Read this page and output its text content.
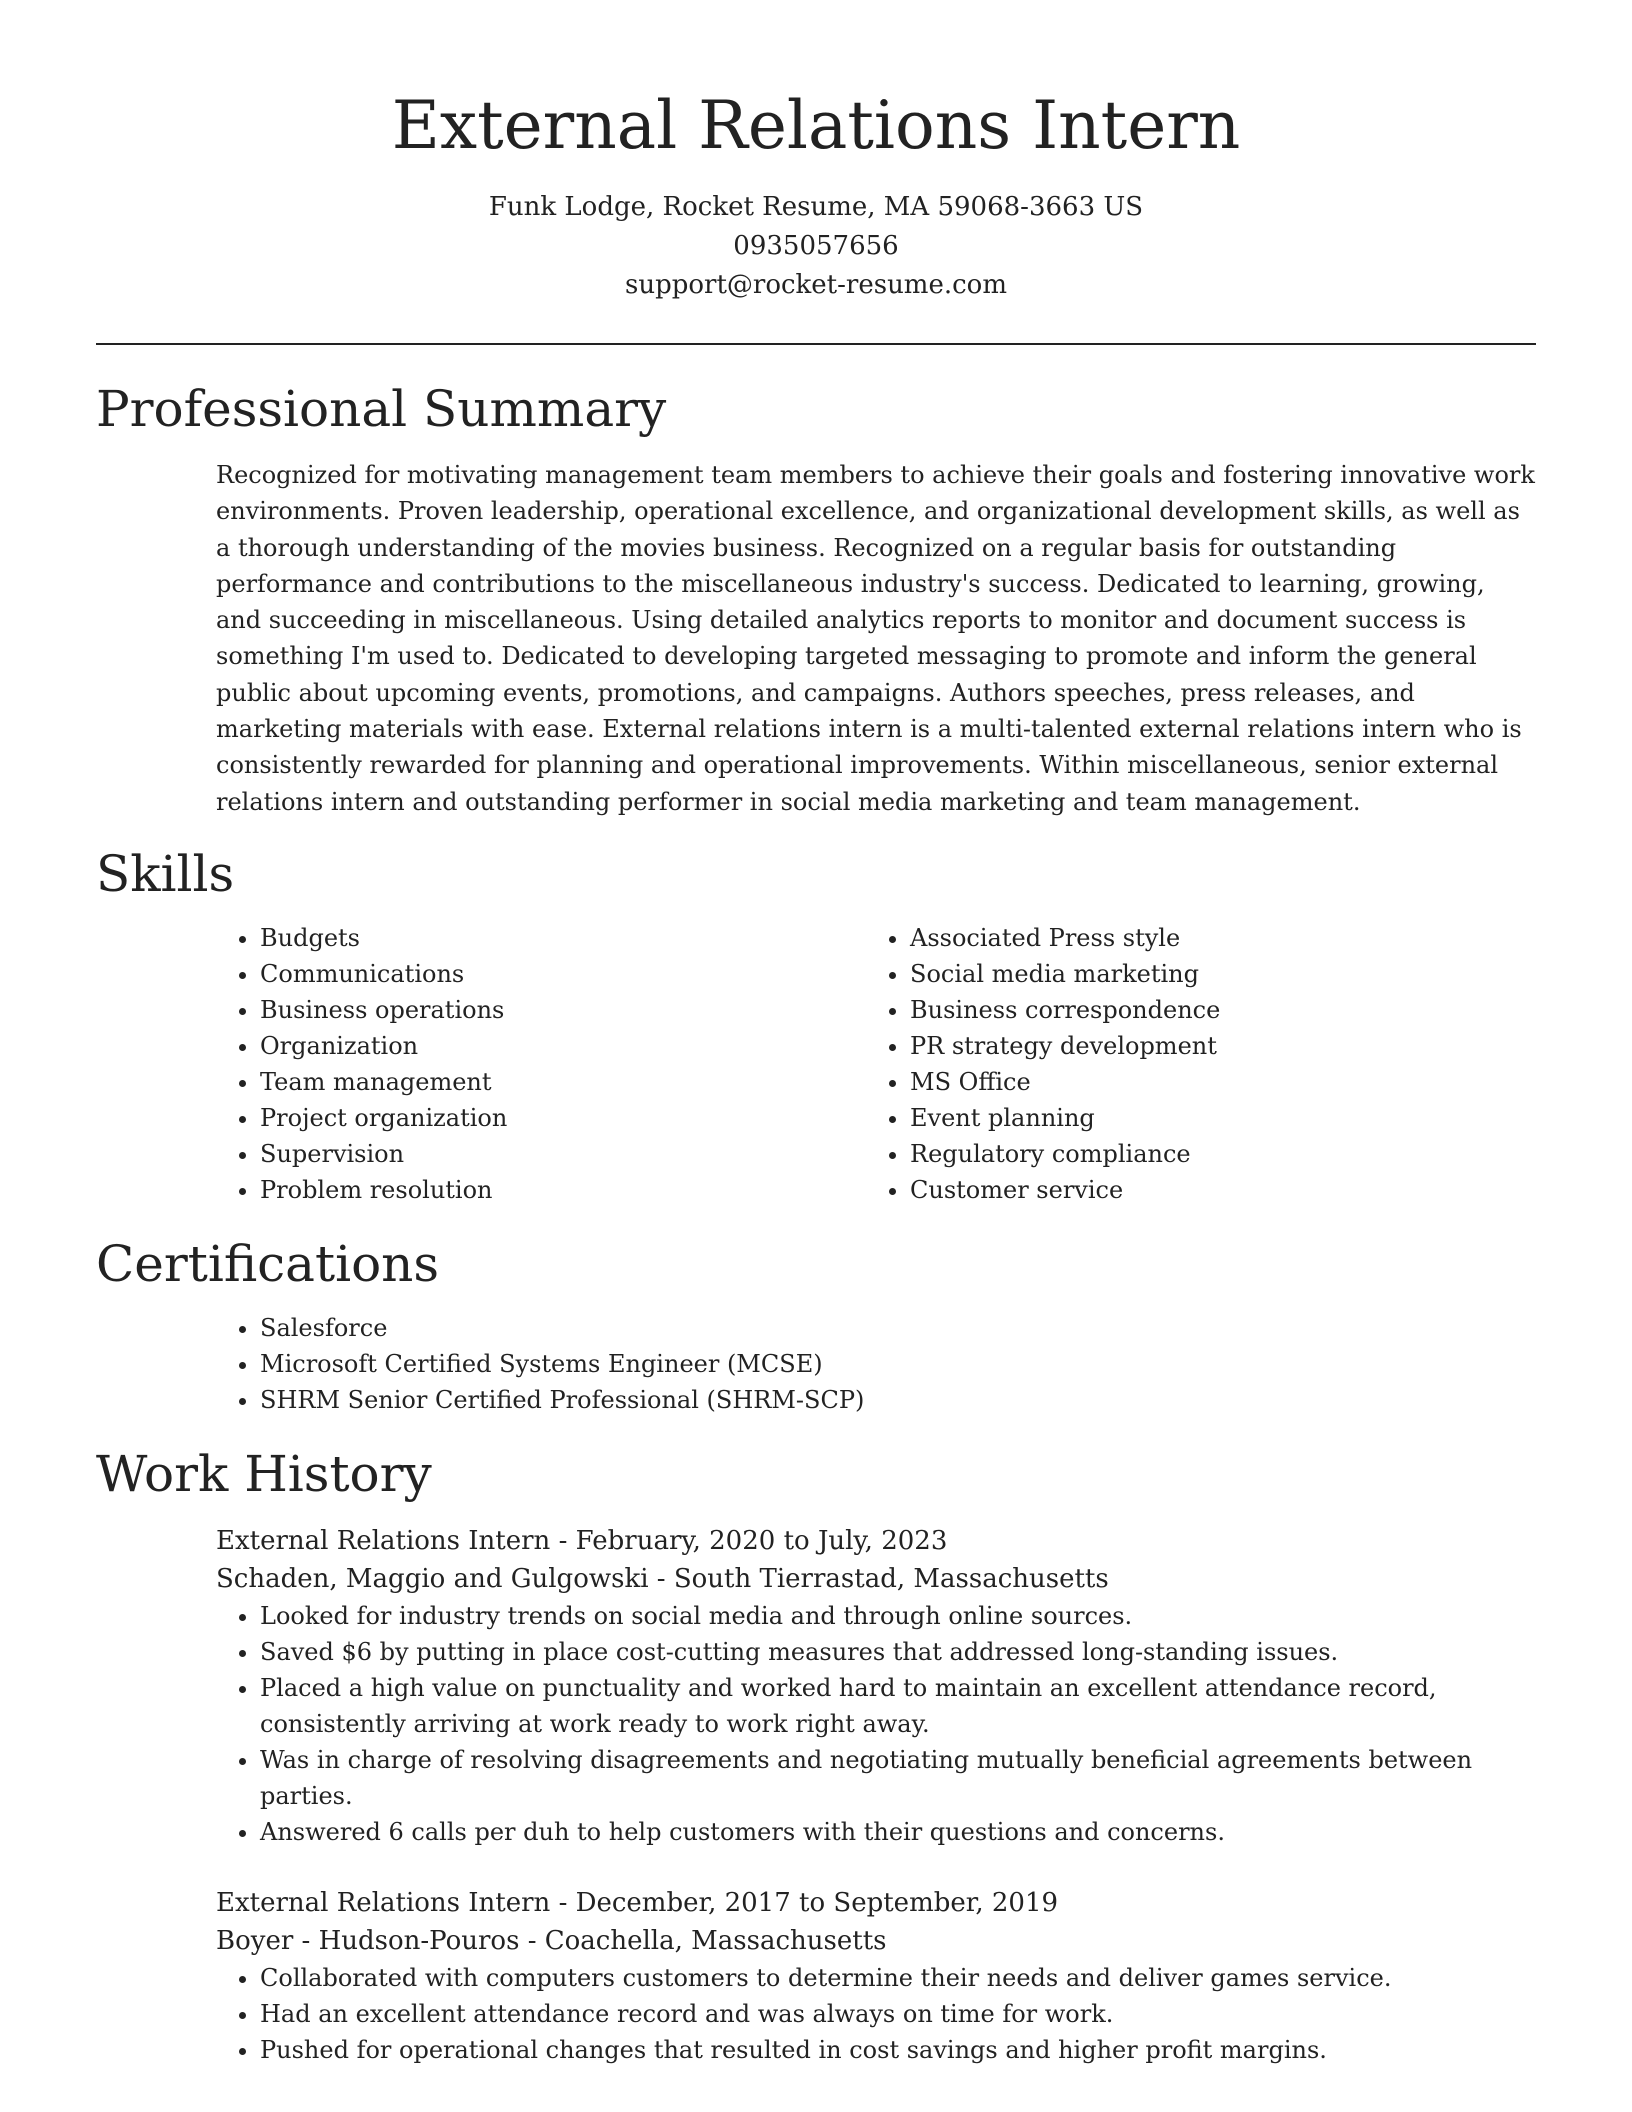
External Relations Intern
Funk Lodge, Rocket Resume, MA 59068-3663 US
0935057656
support@rocket-resume.com
Professional Summary
Recognized for motivating management team members to achieve their goals and fostering innovative work environments. Proven leadership, operational excellence, and organizational development skills, as well as a thorough understanding of the movies business. Recognized on a regular basis for outstanding performance and contributions to the miscellaneous industry's success. Dedicated to learning, growing, and succeeding in miscellaneous. Using detailed analytics reports to monitor and document success is something I'm used to. Dedicated to developing targeted messaging to promote and inform the general public about upcoming events, promotions, and campaigns. Authors speeches, press releases, and marketing materials with ease. External relations intern is a multi-talented external relations intern who is consistently rewarded for planning and operational improvements. Within miscellaneous, senior external relations intern and outstanding performer in social media marketing and team management.
Skills
• Budgets
• Communications
• Business operations
• Organization
• Team management
• Project organization
• Supervision
• Problem resolution
• Associated Press style
• Social media marketing
• Business correspondence
• PR strategy development
• MS Office
• Event planning
• Regulatory compliance
• Customer service
Certifications
• Salesforce
• Microsoft Certified Systems Engineer (MCSE)
• SHRM Senior Certified Professional (SHRM-SCP)
Work History
External Relations Intern - February, 2020 to July, 2023
Schaden, Maggio and Gulgowski - South Tierrastad, Massachusetts
• Looked for industry trends on social media and through online sources.
• Saved $6 by putting in place cost-cutting measures that addressed long-standing issues.
• Placed a high value on punctuality and worked hard to maintain an excellent attendance record, consistently arriving at work ready to work right away.
• Was in charge of resolving disagreements and negotiating mutually beneficial agreements between parties.
• Answered 6 calls per duh to help customers with their questions and concerns.
External Relations Intern - December, 2017 to September, 2019
Boyer - Hudson-Pouros - Coachella, Massachusetts
• Collaborated with computers customers to determine their needs and deliver games service.
• Had an excellent attendance record and was always on time for work.
• Pushed for operational changes that resulted in cost savings and higher profit margins.
